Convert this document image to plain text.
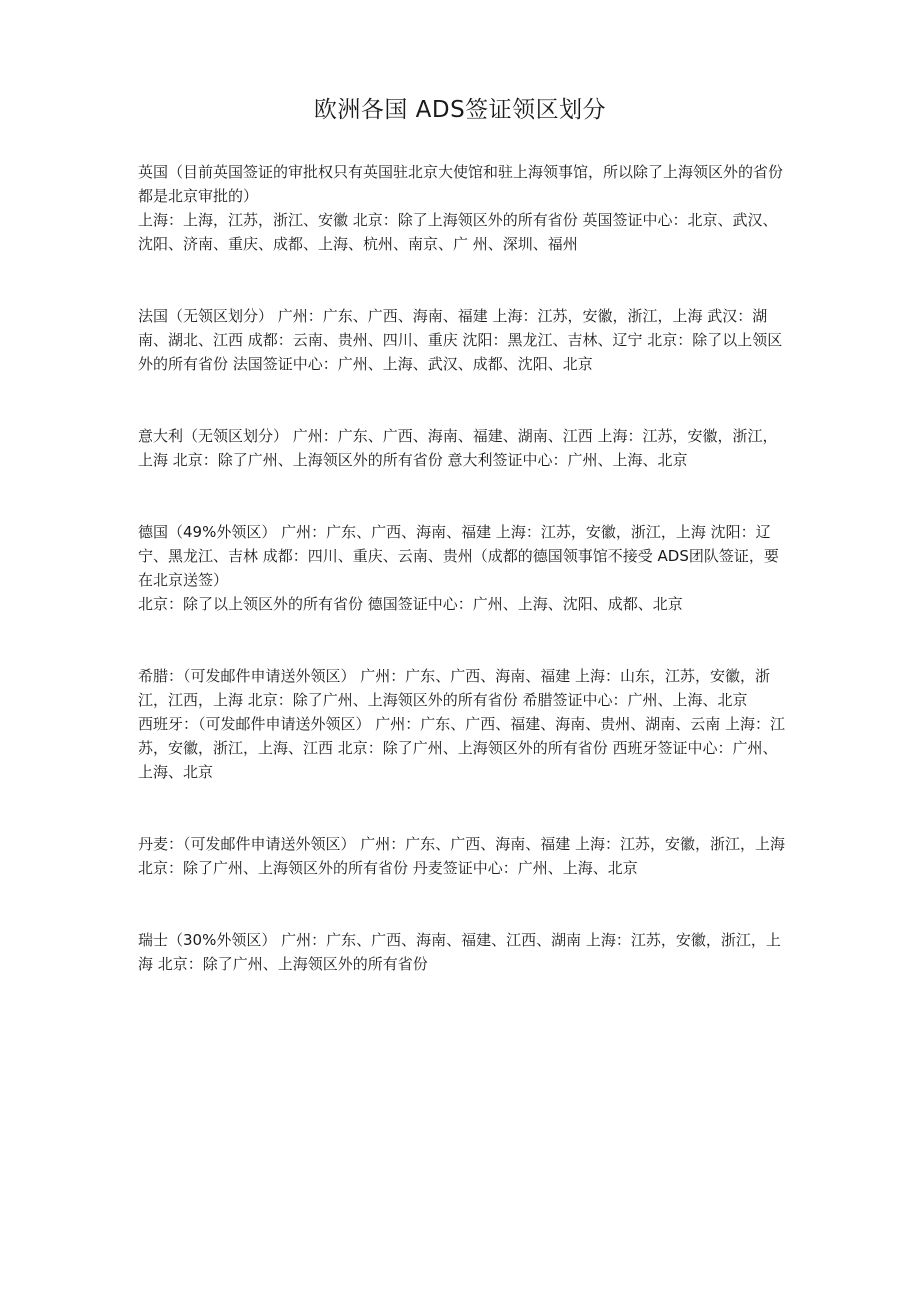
欧洲各国 ADS签证领区划分

英国（目前英国签证的审批权只有英国驻北京大使馆和驻上海领事馆，所以除了上海领区外的省份都是北京审批的）

上海：上海，江苏，浙江、安徽 北京：除了上海领区外的所有省份 英国签证中心：北京、武汉、沈阳、济南、重庆、成都、上海、杭州、南京、广 州、深圳、福州

法国（无领区划分） 广州：广东、广西、海南、福建 上海：江苏，安徽，浙江，上海 武汉：湖南、湖北、江西 成都：云南、贵州、四川、重庆 沈阳：黑龙江、吉林、辽宁 北京：除了以上领区外的所有省份 法国签证中心：广州、上海、武汉、成都、沈阳、北京

意大利（无领区划分） 广州：广东、广西、海南、福建、湖南、江西 上海：江苏，安徽，浙江，上海 北京：除了广州、上海领区外的所有省份 意大利签证中心：广州、上海、北京

德国（49%外领区） 广州：广东、广西、海南、福建 上海：江苏，安徽，浙江，上海 沈阳：辽宁、黑龙江、吉林 成都：四川、重庆、云南、贵州（成都的德国领事馆不接受 ADS团队签证，要 在北京送签）

北京：除了以上领区外的所有省份 德国签证中心：广州、上海、沈阳、成都、北京

希腊：（可发邮件申请送外领区） 广州：广东、广西、海南、福建 上海：山东，江苏，安徽，浙江，江西，上海 北京：除了广州、上海领区外的所有省份 希腊签证中心：广州、上海、北京

西班牙：（可发邮件申请送外领区） 广州：广东、广西、福建、海南、贵州、湖南、云南 上海：江苏，安徽，浙江，上海、江西 北京：除了广州、上海领区外的所有省份 西班牙签证中心：广州、上海、北京

丹麦：（可发邮件申请送外领区） 广州：广东、广西、海南、福建 上海：江苏，安徽，浙江，上海 北京：除了广州、上海领区外的所有省份 丹麦签证中心：广州、上海、北京

瑞士（30%外领区） 广州：广东、广西、海南、福建、江西、湖南 上海：江苏，安徽，浙江，上海 北京：除了广州、上海领区外的所有省份
